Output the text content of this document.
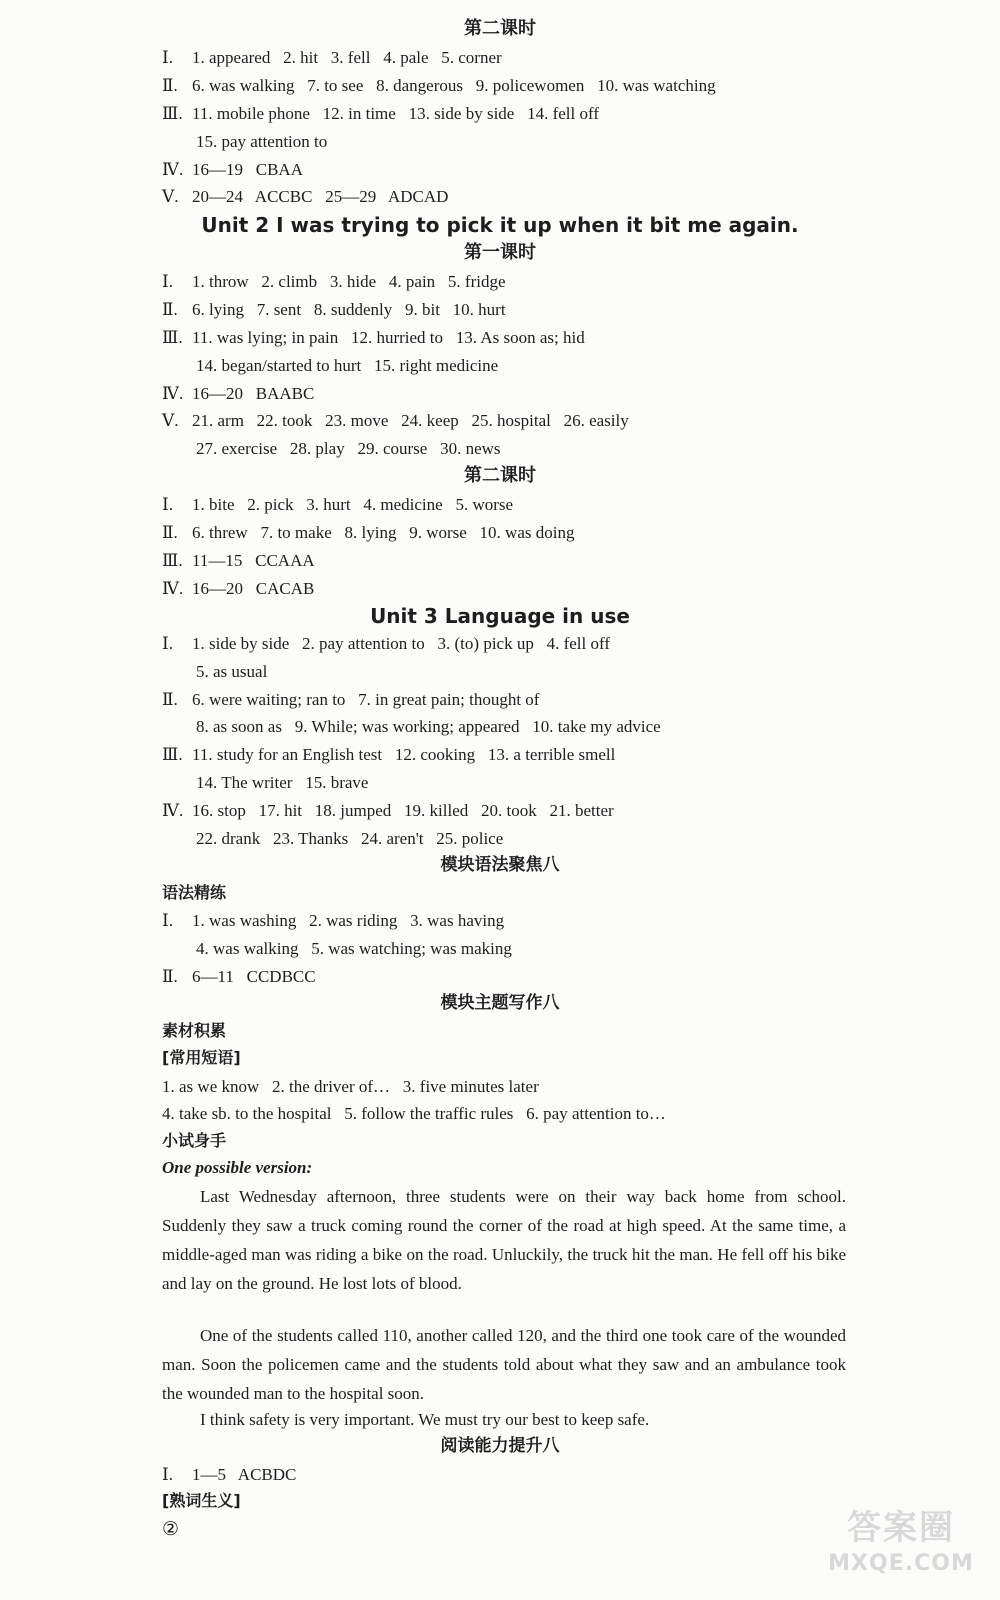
第二课时
Ⅰ. 1. appeared   2. hit   3. fell   4. pale   5. corner
Ⅱ. 6. was walking   7. to see   8. dangerous   9. policewomen   10. was watching
Ⅲ. 11. mobile phone   12. in time   13. side by side   14. fell off
15. pay attention to
Ⅳ. 16—19   CBAA
Ⅴ. 20—24   ACCBC   25—29   ADCAD
Unit 2 I was trying to pick it up when it bit me again.
第一课时
Ⅰ. 1. throw   2. climb   3. hide   4. pain   5. fridge
Ⅱ. 6. lying   7. sent   8. suddenly   9. bit   10. hurt
Ⅲ. 11. was lying; in pain   12. hurried to   13. As soon as; hid
14. began/started to hurt   15. right medicine
Ⅳ. 16—20   BAABC
Ⅴ. 21. arm   22. took   23. move   24. keep   25. hospital   26. easily
27. exercise   28. play   29. course   30. news
第二课时
Ⅰ. 1. bite   2. pick   3. hurt   4. medicine   5. worse
Ⅱ. 6. threw   7. to make   8. lying   9. worse   10. was doing
Ⅲ. 11—15   CCAAA
Ⅳ. 16—20   CACAB
Unit 3 Language in use
Ⅰ. 1. side by side   2. pay attention to   3. (to) pick up   4. fell off
5. as usual
Ⅱ. 6. were waiting; ran to   7. in great pain; thought of
8. as soon as   9. While; was working; appeared   10. take my advice
Ⅲ. 11. study for an English test   12. cooking   13. a terrible smell
14. The writer   15. brave
Ⅳ. 16. stop   17. hit   18. jumped   19. killed   20. took   21. better
22. drank   23. Thanks   24. aren't   25. police
模块语法聚焦八
语法精练
Ⅰ. 1. was washing   2. was riding   3. was having
4. was walking   5. was watching; was making
Ⅱ. 6—11   CCDBCC
模块主题写作八
素材积累
[常用短语]
1. as we know   2. the driver of…   3. five minutes later
4. take sb. to the hospital   5. follow the traffic rules   6. pay attention to…
小试身手
One possible version:

Last Wednesday afternoon, three students were on their way back home from school. Suddenly they saw a truck coming round the corner of the road at high speed. At the same time, a middle-aged man was riding a bike on the road. Unluckily, the truck hit the man. He fell off his bike and lay on the ground. He lost lots of blood.

One of the students called 110, another called 120, and the third one took care of the wounded man. Soon the policemen came and the students told about what they saw and an ambulance took the wounded man to the hospital soon.

I think safety is very important. We must try our best to keep safe.

阅读能力提升八
Ⅰ. 1—5   ACBDC
[熟词生义]
②	答案圈
MXQE.COM
